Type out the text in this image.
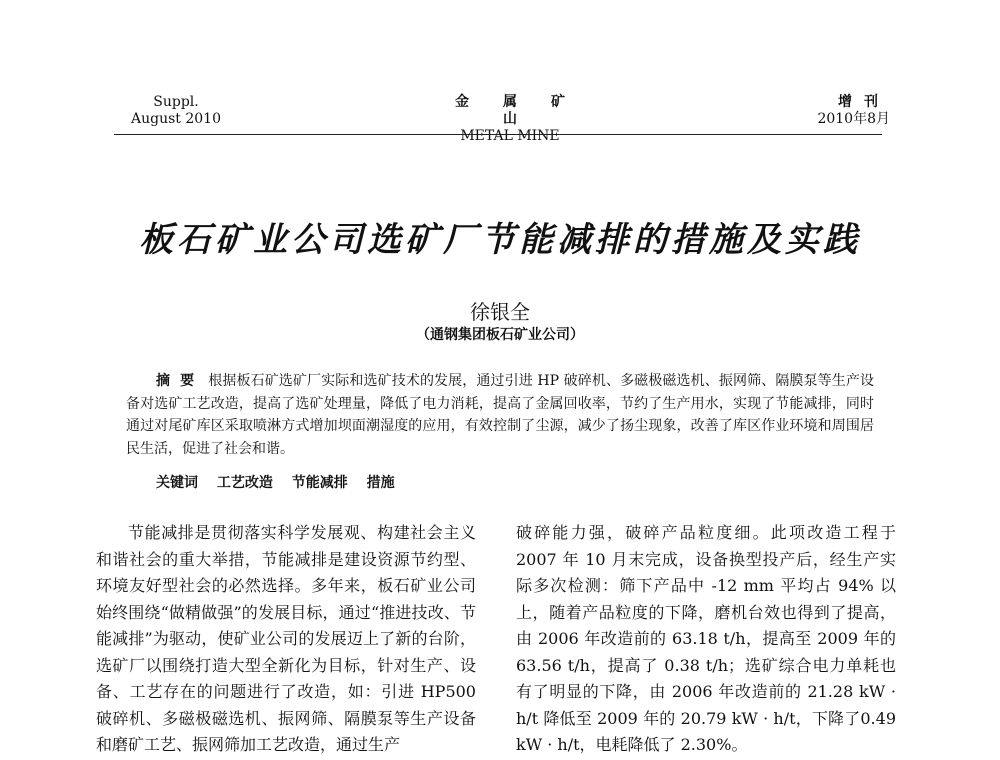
Suppl.
August 2010
金属矿山
METAL MINE
增刊
2010年8月
板石矿业公司选矿厂节能减排的措施及实践
徐银全
（通钢集团板石矿业公司）
摘要 根据板石矿选矿厂实际和选矿技术的发展，通过引进 HP 破碎机、多磁极磁选机、振网筛、隔膜泵等生产设备对选矿工艺改造，提高了选矿处理量，降低了电力消耗，提高了金属回收率，节约了生产用水，实现了节能减排，同时通过对尾矿库区采取喷淋方式增加坝面潮湿度的应用，有效控制了尘源，减少了扬尘现象，改善了库区作业环境和周围居民生活，促进了社会和谐。
关键词 工艺改造 节能减排 措施
节能减排是贯彻落实科学发展观、构建社会主义和谐社会的重大举措，节能减排是建设资源节约型、环境友好型社会的必然选择。多年来，板石矿业公司始终围绕“做精做强”的发展目标，通过“推进技改、节能减排”为驱动，使矿业公司的发展迈上了新的台阶，选矿厂以围绕打造大型全新化为目标，针对生产、设备、工艺存在的问题进行了改造，如：引进 HP500 破碎机、多磁极磁选机、振网筛、隔膜泵等生产设备和磨矿工艺、振网筛加工艺改造，通过生产
破碎能力强，破碎产品粒度细。此项改造工程于 2007 年 10 月末完成，设备换型投产后，经生产实际多次检测：筛下产品中 -12 mm 平均占 94% 以上，随着产品粒度的下降，磨机台效也得到了提高，由 2006 年改造前的 63.18 t/h，提高至 2009 年的63.56 t/h，提高了 0.38 t/h；选矿综合电力单耗也有了明显的下降，由 2006 年改造前的 21.28 kW · h/t 降低至 2009 年的 20.79 kW · h/t，下降了0.49 kW · h/t，电耗降低了 2.30%。
